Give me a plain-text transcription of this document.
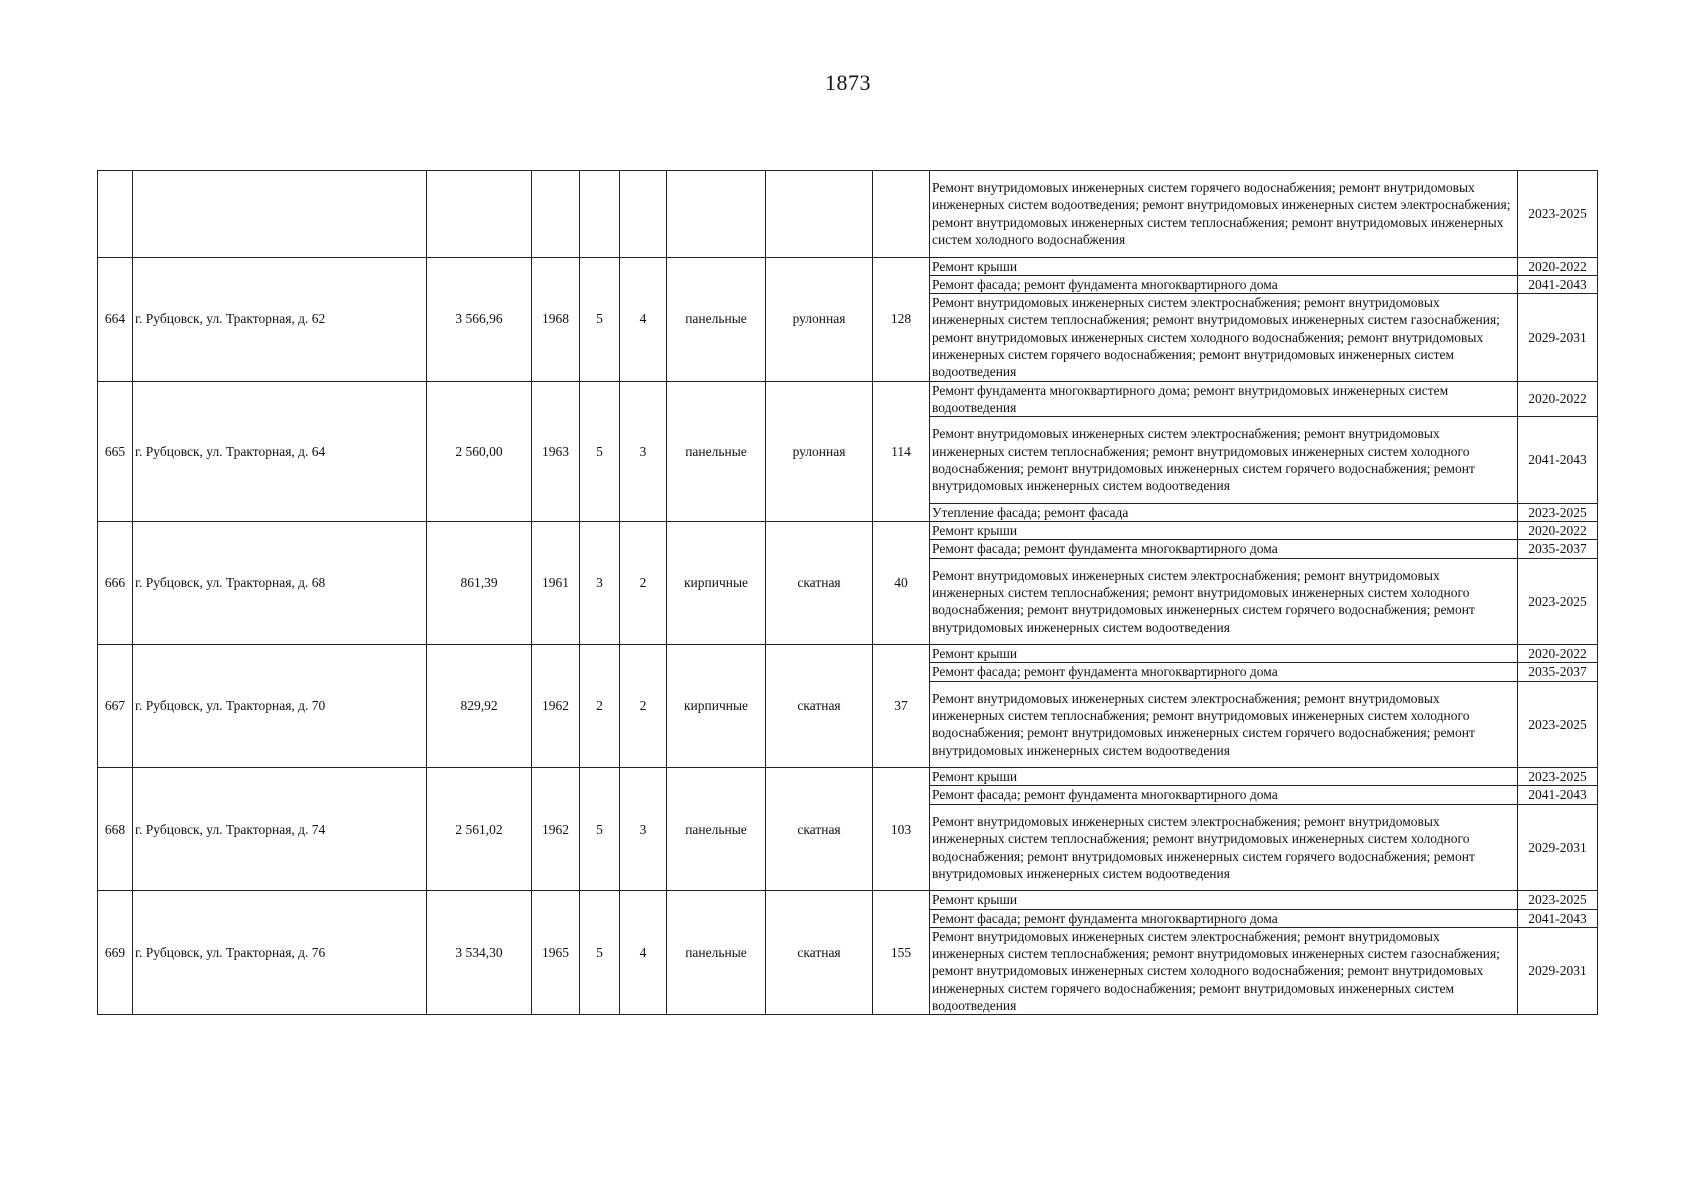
1873
									Ремонт внутридомовых инженерных систем горячего водоснабжения; ремонт внутридомовых инженерных систем водоотведения; ремонт внутридомовых инженерных систем электроснабжения; ремонт внутридомовых инженерных систем теплоснабжения; ремонт внутридомовых инженерных систем холодного водоснабжения	2023-2025
664	г. Рубцовск, ул. Тракторная, д. 62	3 566,96	1968	5	4	панельные	рулонная	128	Ремонт крыши	2020-2022
									Ремонт фасада; ремонт фундамента многоквартирного дома	2041-2043
									Ремонт внутридомовых инженерных систем электроснабжения; ремонт внутридомовых инженерных систем теплоснабжения; ремонт внутридомовых инженерных систем газоснабжения; ремонт внутридомовых инженерных систем холодного водоснабжения; ремонт внутридомовых инженерных систем горячего водоснабжения; ремонт внутридомовых инженерных систем водоотведения	2029-2031
665	г. Рубцовск, ул. Тракторная, д. 64	2 560,00	1963	5	3	панельные	рулонная	114	Ремонт фундамента многоквартирного дома; ремонт внутридомовых инженерных систем водоотведения	2020-2022
									Ремонт внутридомовых инженерных систем электроснабжения; ремонт внутридомовых инженерных систем теплоснабжения; ремонт внутридомовых инженерных систем холодного водоснабжения; ремонт внутридомовых инженерных систем горячего водоснабжения; ремонт внутридомовых инженерных систем водоотведения	2041-2043
									Утепление фасада; ремонт фасада	2023-2025
666	г. Рубцовск, ул. Тракторная, д. 68	861,39	1961	3	2	кирпичные	скатная	40	Ремонт крыши	2020-2022
									Ремонт фасада; ремонт фундамента многоквартирного дома	2035-2037
									Ремонт внутридомовых инженерных систем электроснабжения; ремонт внутридомовых инженерных систем теплоснабжения; ремонт внутридомовых инженерных систем холодного водоснабжения; ремонт внутридомовых инженерных систем горячего водоснабжения; ремонт внутридомовых инженерных систем водоотведения	2023-2025
667	г. Рубцовск, ул. Тракторная, д. 70	829,92	1962	2	2	кирпичные	скатная	37	Ремонт крыши	2020-2022
									Ремонт фасада; ремонт фундамента многоквартирного дома	2035-2037
									Ремонт внутридомовых инженерных систем электроснабжения; ремонт внутридомовых инженерных систем теплоснабжения; ремонт внутридомовых инженерных систем холодного водоснабжения; ремонт внутридомовых инженерных систем горячего водоснабжения; ремонт внутридомовых инженерных систем водоотведения	2023-2025
668	г. Рубцовск, ул. Тракторная, д. 74	2 561,02	1962	5	3	панельные	скатная	103	Ремонт крыши	2023-2025
									Ремонт фасада; ремонт фундамента многоквартирного дома	2041-2043
									Ремонт внутридомовых инженерных систем электроснабжения; ремонт внутридомовых инженерных систем теплоснабжения; ремонт внутридомовых инженерных систем холодного водоснабжения; ремонт внутридомовых инженерных систем горячего водоснабжения; ремонт внутридомовых инженерных систем водоотведения	2029-2031
669	г. Рубцовск, ул. Тракторная, д. 76	3 534,30	1965	5	4	панельные	скатная	155	Ремонт крыши	2023-2025
									Ремонт фасада; ремонт фундамента многоквартирного дома	2041-2043
									Ремонт внутридомовых инженерных систем электроснабжения; ремонт внутридомовых инженерных систем теплоснабжения; ремонт внутридомовых инженерных систем газоснабжения; ремонт внутридомовых инженерных систем холодного водоснабжения; ремонт внутридомовых инженерных систем горячего водоснабжения; ремонт внутридомовых инженерных систем водоотведения	2029-2031
